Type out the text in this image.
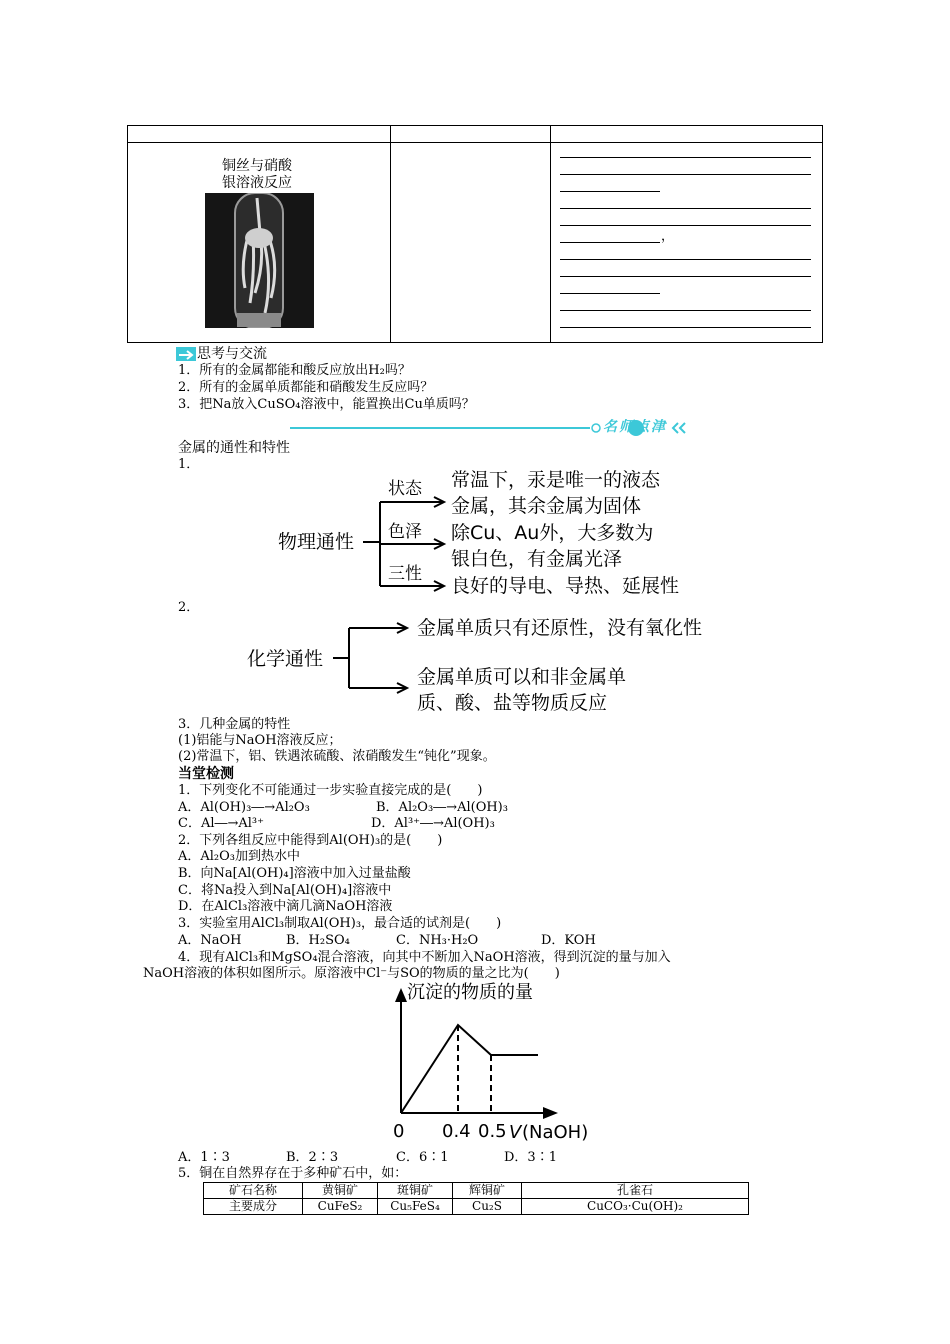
铜丝与硝酸
银溶液反应
，
思考与交流
1．所有的金属都能和酸反应放出H₂吗？
2．所有的金属单质都能和硝酸发生反应吗？
3．把Na放入CuSO₄溶液中，能置换出Cu单质吗？
名师点津
金属的通性和特性
1．
物理通性
状态
色泽
三性
常温下，汞是唯一的液态
金属，其余金属为固体
除Cu、Au外，大多数为
银白色，有金属光泽
良好的导电、导热、延展性
2．
化学通性
金属单质只有还原性，没有氧化性
金属单质可以和非金属单
质、酸、盐等物质反应
3．几种金属的特性
(1)铝能与NaOH溶液反应；
(2)常温下，铝、铁遇浓硫酸、浓硝酸发生“钝化”现象。
当堂检测
1．下列变化不可能通过一步实验直接完成的是(　　)
A．Al(OH)₃―→Al₂O₃	B．Al₂O₃―→Al(OH)₃
C．Al―→Al³⁺	D．Al³⁺―→Al(OH)₃
2．下列各组反应中能得到Al(OH)₃的是(　　)
A．Al₂O₃加到热水中
B．向Na[Al(OH)₄]溶液中加入过量盐酸
C．将Na投入到Na[Al(OH)₄]溶液中
D．在AlCl₃溶液中滴几滴NaOH溶液
3．实验室用AlCl₃制取Al(OH)₃，最合适的试剂是(　　)
A．NaOH	B．H₂SO₄	C．NH₃·H₂O	D．KOH
4．现有AlCl₃和MgSO₄混合溶液，向其中不断加入NaOH溶液，得到沉淀的量与加入
NaOH溶液的体积如图所示。原溶液中Cl⁻与SO的物质的量之比为(　　)
沉淀的物质的量
0 0.4 0.5 V (NaOH)
A．1∶3	B．2∶3	C．6∶1	D．3∶1
5．铜在自然界存在于多种矿石中，如：
矿石名称	黄铜矿	斑铜矿	辉铜矿	孔雀石
主要成分	CuFeS₂	Cu₅FeS₄	Cu₂S	CuCO₃·Cu(OH)₂
